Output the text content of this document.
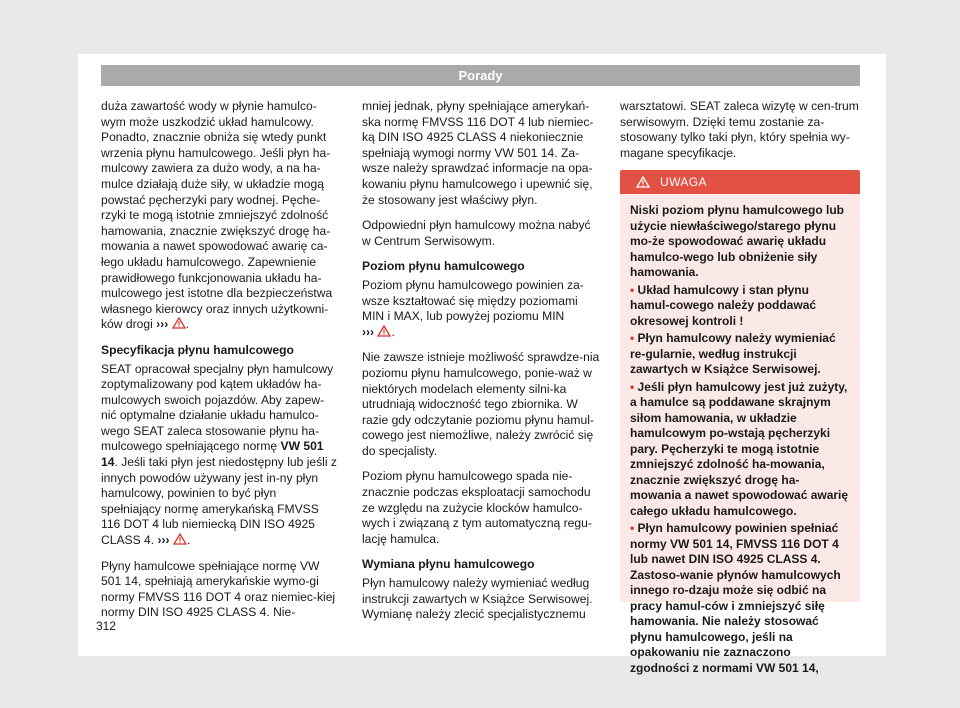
Porady

duża zawartość wody w płynie hamulco-wym może uszkodzić układ hamulcowy. Ponadto, znacznie obniża się wtedy punkt wrzenia płynu hamulcowego. Jeśli płyn ha-mulcowy zawiera za dużo wody, a na ha-mulce działają duże siły, w układzie mogą powstać pęcherzyki pary wodnej. Pęche-rzyki te mogą istotnie zmniejszyć zdolność hamowania, znacznie zwiększyć drogę ha-mowania a nawet spowodować awarię ca-łego układu hamulcowego. Zapewnienie prawidłowego funkcjonowania układu ha-mulcowego jest istotne dla bezpieczeństwa własnego kierowcy oraz innych użytkowni-ków drogi ››› .

Specyfikacja płynu hamulcowego

SEAT opracował specjalny płyn hamulcowy zoptymalizowany pod kątem układów ha-mulcowych swoich pojazdów. Aby zapew-nić optymalne działanie układu hamulco-wego SEAT zaleca stosowanie płynu ha-mulcowego spełniającego normę VW 501 14. Jeśli taki płyn jest niedostępny lub jeśli z innych powodów używany jest in-ny płyn hamulcowy, powinien to być płyn spełniający normę amerykańską FMVSS 116 DOT 4 lub niemiecką DIN ISO 4925 CLASS 4. ››› .

Płyny hamulcowe spełniające normę VW 501 14, spełniają amerykańskie wymo-gi normy FMVSS 116 DOT 4 oraz niemiec-kiej normy DIN ISO 4925 CLASS 4. Nie-

mniej jednak, płyny spełniające amerykań-ska normę FMVSS 116 DOT 4 lub niemiec-ką DIN ISO 4925 CLASS 4 niekoniecznie spełniają wymogi normy VW 501 14. Za-wsze należy sprawdzać informacje na opa-kowaniu płynu hamulcowego i upewnić się, że stosowany jest właściwy płyn.

Odpowiedni płyn hamulcowy można nabyć w Centrum Serwisowym.

Poziom płynu hamulcowego

Poziom płynu hamulcowego powinien za-wsze kształtować się między poziomami MIN i MAX, lub powyżej poziomu MIN
››› .

Nie zawsze istnieje możliwość sprawdze-nia poziomu płynu hamulcowego, ponie-waż w niektórych modelach elementy silni-ka utrudniają widoczność tego zbiornika. W razie gdy odczytanie poziomu płynu hamul-cowego jest niemożliwe, należy zwrócić się do specjalisty.

Poziom płynu hamulcowego spada nie-znacznie podczas eksploatacji samochodu ze względu na zużycie klocków hamulco-wych i związaną z tym automatyczną regu-lację hamulca.

Wymiana płynu hamulcowego

Płyn hamulcowy należy wymieniać według instrukcji zawartych w Książce Serwisowej. Wymianę należy zlecić specjalistycznemu

warsztatowi. SEAT zaleca wizytę w cen-trum serwisowym. Dzięki temu zostanie za-stosowany tylko taki płyn, który spełnia wy-magane specyfikacje.

UWAGA

Niski poziom płynu hamulcowego lub użycie niewłaściwego/starego płynu mo-że spowodować awarię układu hamulco-wego lub obniżenie siły hamowania.

• Układ hamulcowy i stan płynu hamul-cowego należy poddawać okresowej kontroli !

• Płyn hamulcowy należy wymieniać re-gularnie, według instrukcji zawartych w Książce Serwisowej.

• Jeśli płyn hamulcowy jest już zużyty, a hamulce są poddawane skrajnym siłom hamowania, w układzie hamulcowym po-wstają pęcherzyki pary. Pęcherzyki te mogą istotnie zmniejszyć zdolność ha-mowania, znacznie zwiększyć drogę ha-mowania a nawet spowodować awarię całego układu hamulcowego.

• Płyn hamulcowy powinien spełniać normy VW 501 14, FMVSS 116 DOT 4 lub nawet DIN ISO 4925 CLASS 4. Zastoso-wanie płynów hamulcowych innego ro-dzaju może się odbić na pracy hamul-ców i zmniejszyć siłę hamowania. Nie należy stosować płynu hamulcowego, jeśli na opakowaniu nie zaznaczono zgodności z normami VW 501 14,

312
